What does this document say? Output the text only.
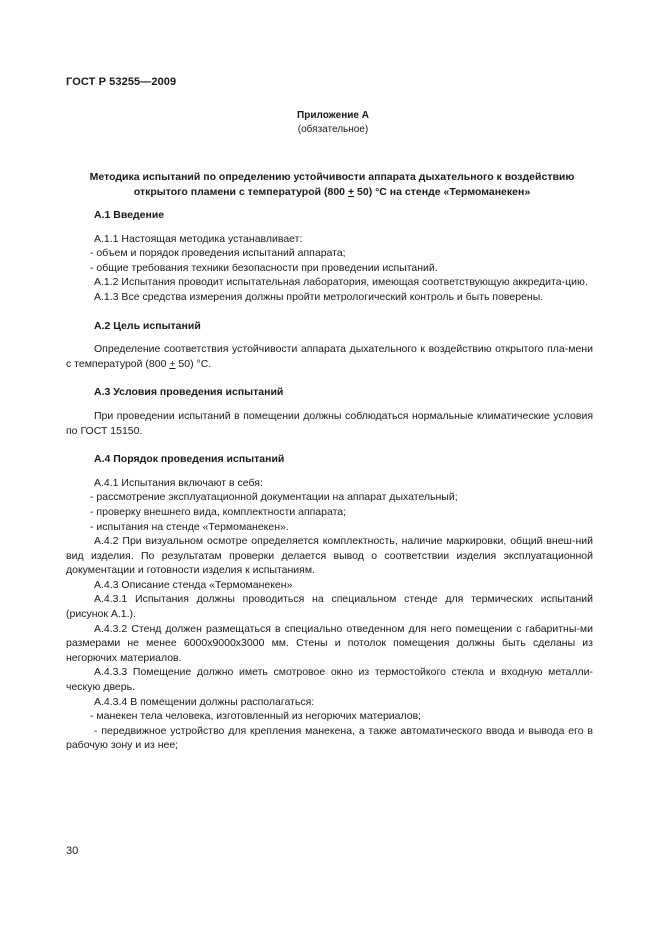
ГОСТ Р 53255—2009
Приложение А
(обязательное)
Методика испытаний по определению устойчивости аппарата дыхательного к воздействию
открытого пламени с температурой (800 + 50) °С на стенде «Термоманекен»

А.1 Введение

А.1.1 Настоящая методика устанавливает:

- объем и порядок проведения испытаний аппарата;

- общие требования техники безопасности при проведении испытаний.

А.1.2 Испытания проводит испытательная лаборатория, имеющая соответствующую аккредита-цию.

А.1.3 Все средства измерения должны пройти метрологический контроль и быть поверены.

А.2 Цель испытаний

Определение соответствия устойчивости аппарата дыхательного к воздействию открытого пла-мени с температурой (800 + 50) °С.

А.3 Условия проведения испытаний

При проведении испытаний в помещении должны соблюдаться нормальные климатические условия по ГОСТ 15150.

А.4 Порядок проведения испытаний

А.4.1 Испытания включают в себя:

- рассмотрение эксплуатационной документации на аппарат дыхательный;

- проверку внешнего вида, комплектности аппарата;

- испытания на стенде «Термоманекен».

А.4.2 При визуальном осмотре определяется комплектность, наличие маркировки, общий внеш-ний вид изделия. По результатам проверки делается вывод о соответствии изделия эксплуатационной документации и готовности изделия к испытаниям.

А.4.3 Описание стенда «Термоманекен»

А.4.3.1 Испытания должны проводиться на специальном стенде для термических испытаний (рисунок А.1.).

А.4.3.2 Стенд должен размещаться в специально отведенном для него помещении с габаритны-ми размерами не менее 6000х9000х3000 мм. Стены и потолок помещения должны быть сделаны из негорючих материалов.

А.4.3.3 Помещение должно иметь смотровое окно из термостойкого стекла и входную металли-ческую дверь.

А.4.3.4 В помещении должны располагаться:

- манекен тела человека, изготовленный из негорючих материалов;

- передвижное устройство для крепления манекена, а также автоматического ввода и вывода его в рабочую зону и из нее;

30
